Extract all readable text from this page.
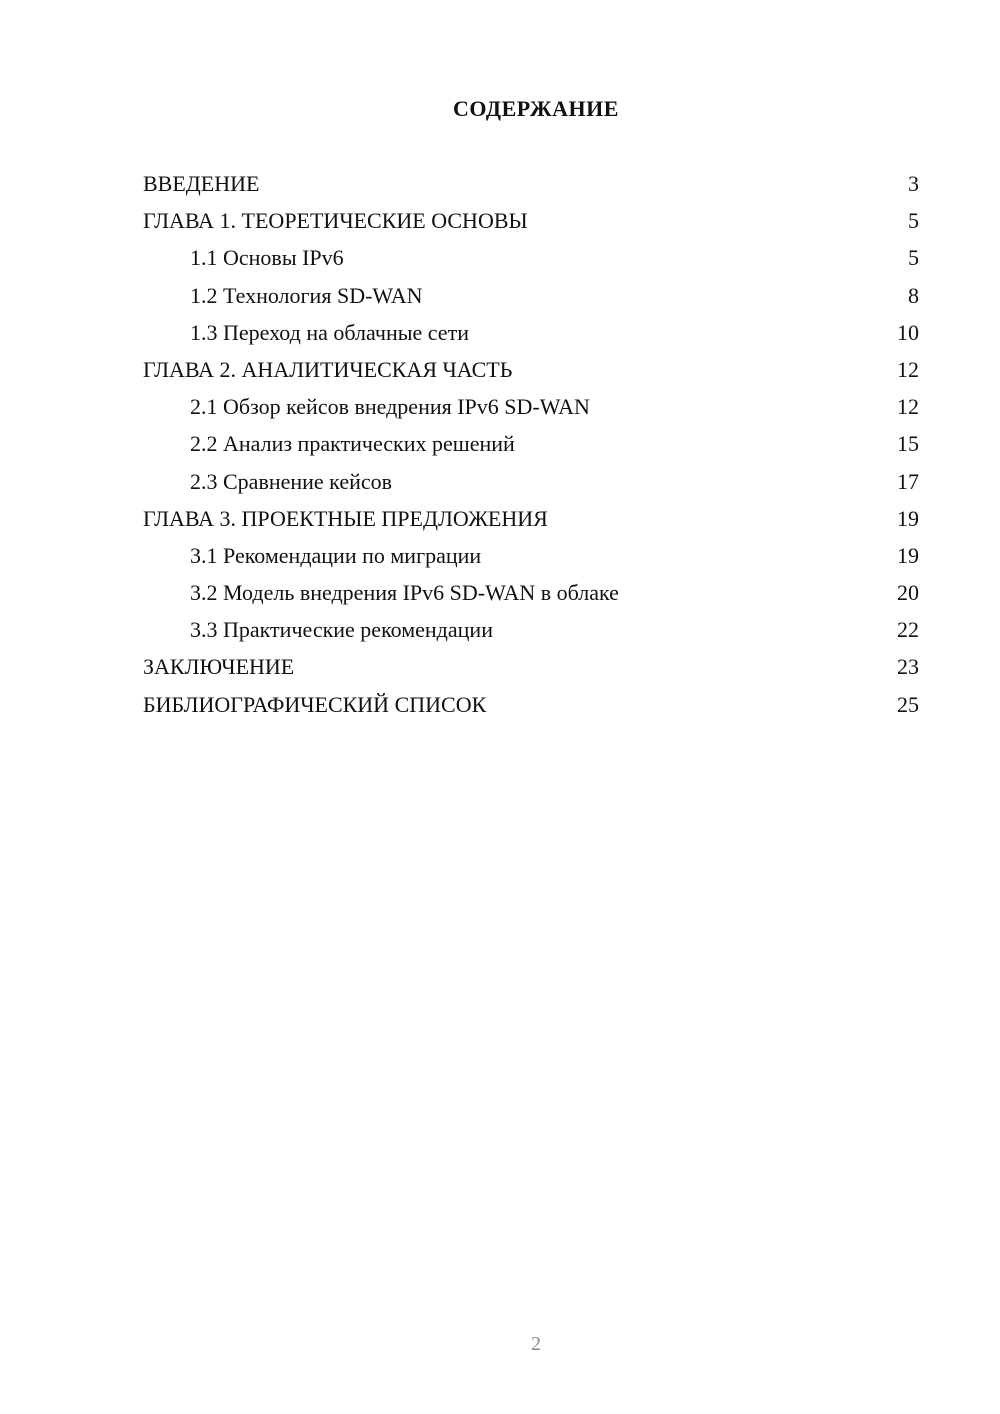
СОДЕРЖАНИЕ
ВВЕДЕНИЕ	3
ГЛАВА 1. ТЕОРЕТИЧЕСКИЕ ОСНОВЫ	5
1.1 Основы IPv6	5
1.2 Технология SD-WAN	8
1.3 Переход на облачные сети	10
ГЛАВА 2. АНАЛИТИЧЕСКАЯ ЧАСТЬ	12
2.1 Обзор кейсов внедрения IPv6 SD-WAN	12
2.2 Анализ практических решений	15
2.3 Сравнение кейсов	17
ГЛАВА 3. ПРОЕКТНЫЕ ПРЕДЛОЖЕНИЯ	19
3.1 Рекомендации по миграции	19
3.2 Модель внедрения IPv6 SD-WAN в облаке	20
3.3 Практические рекомендации	22
ЗАКЛЮЧЕНИЕ	23
БИБЛИОГРАФИЧЕСКИЙ СПИСОК	25
2
